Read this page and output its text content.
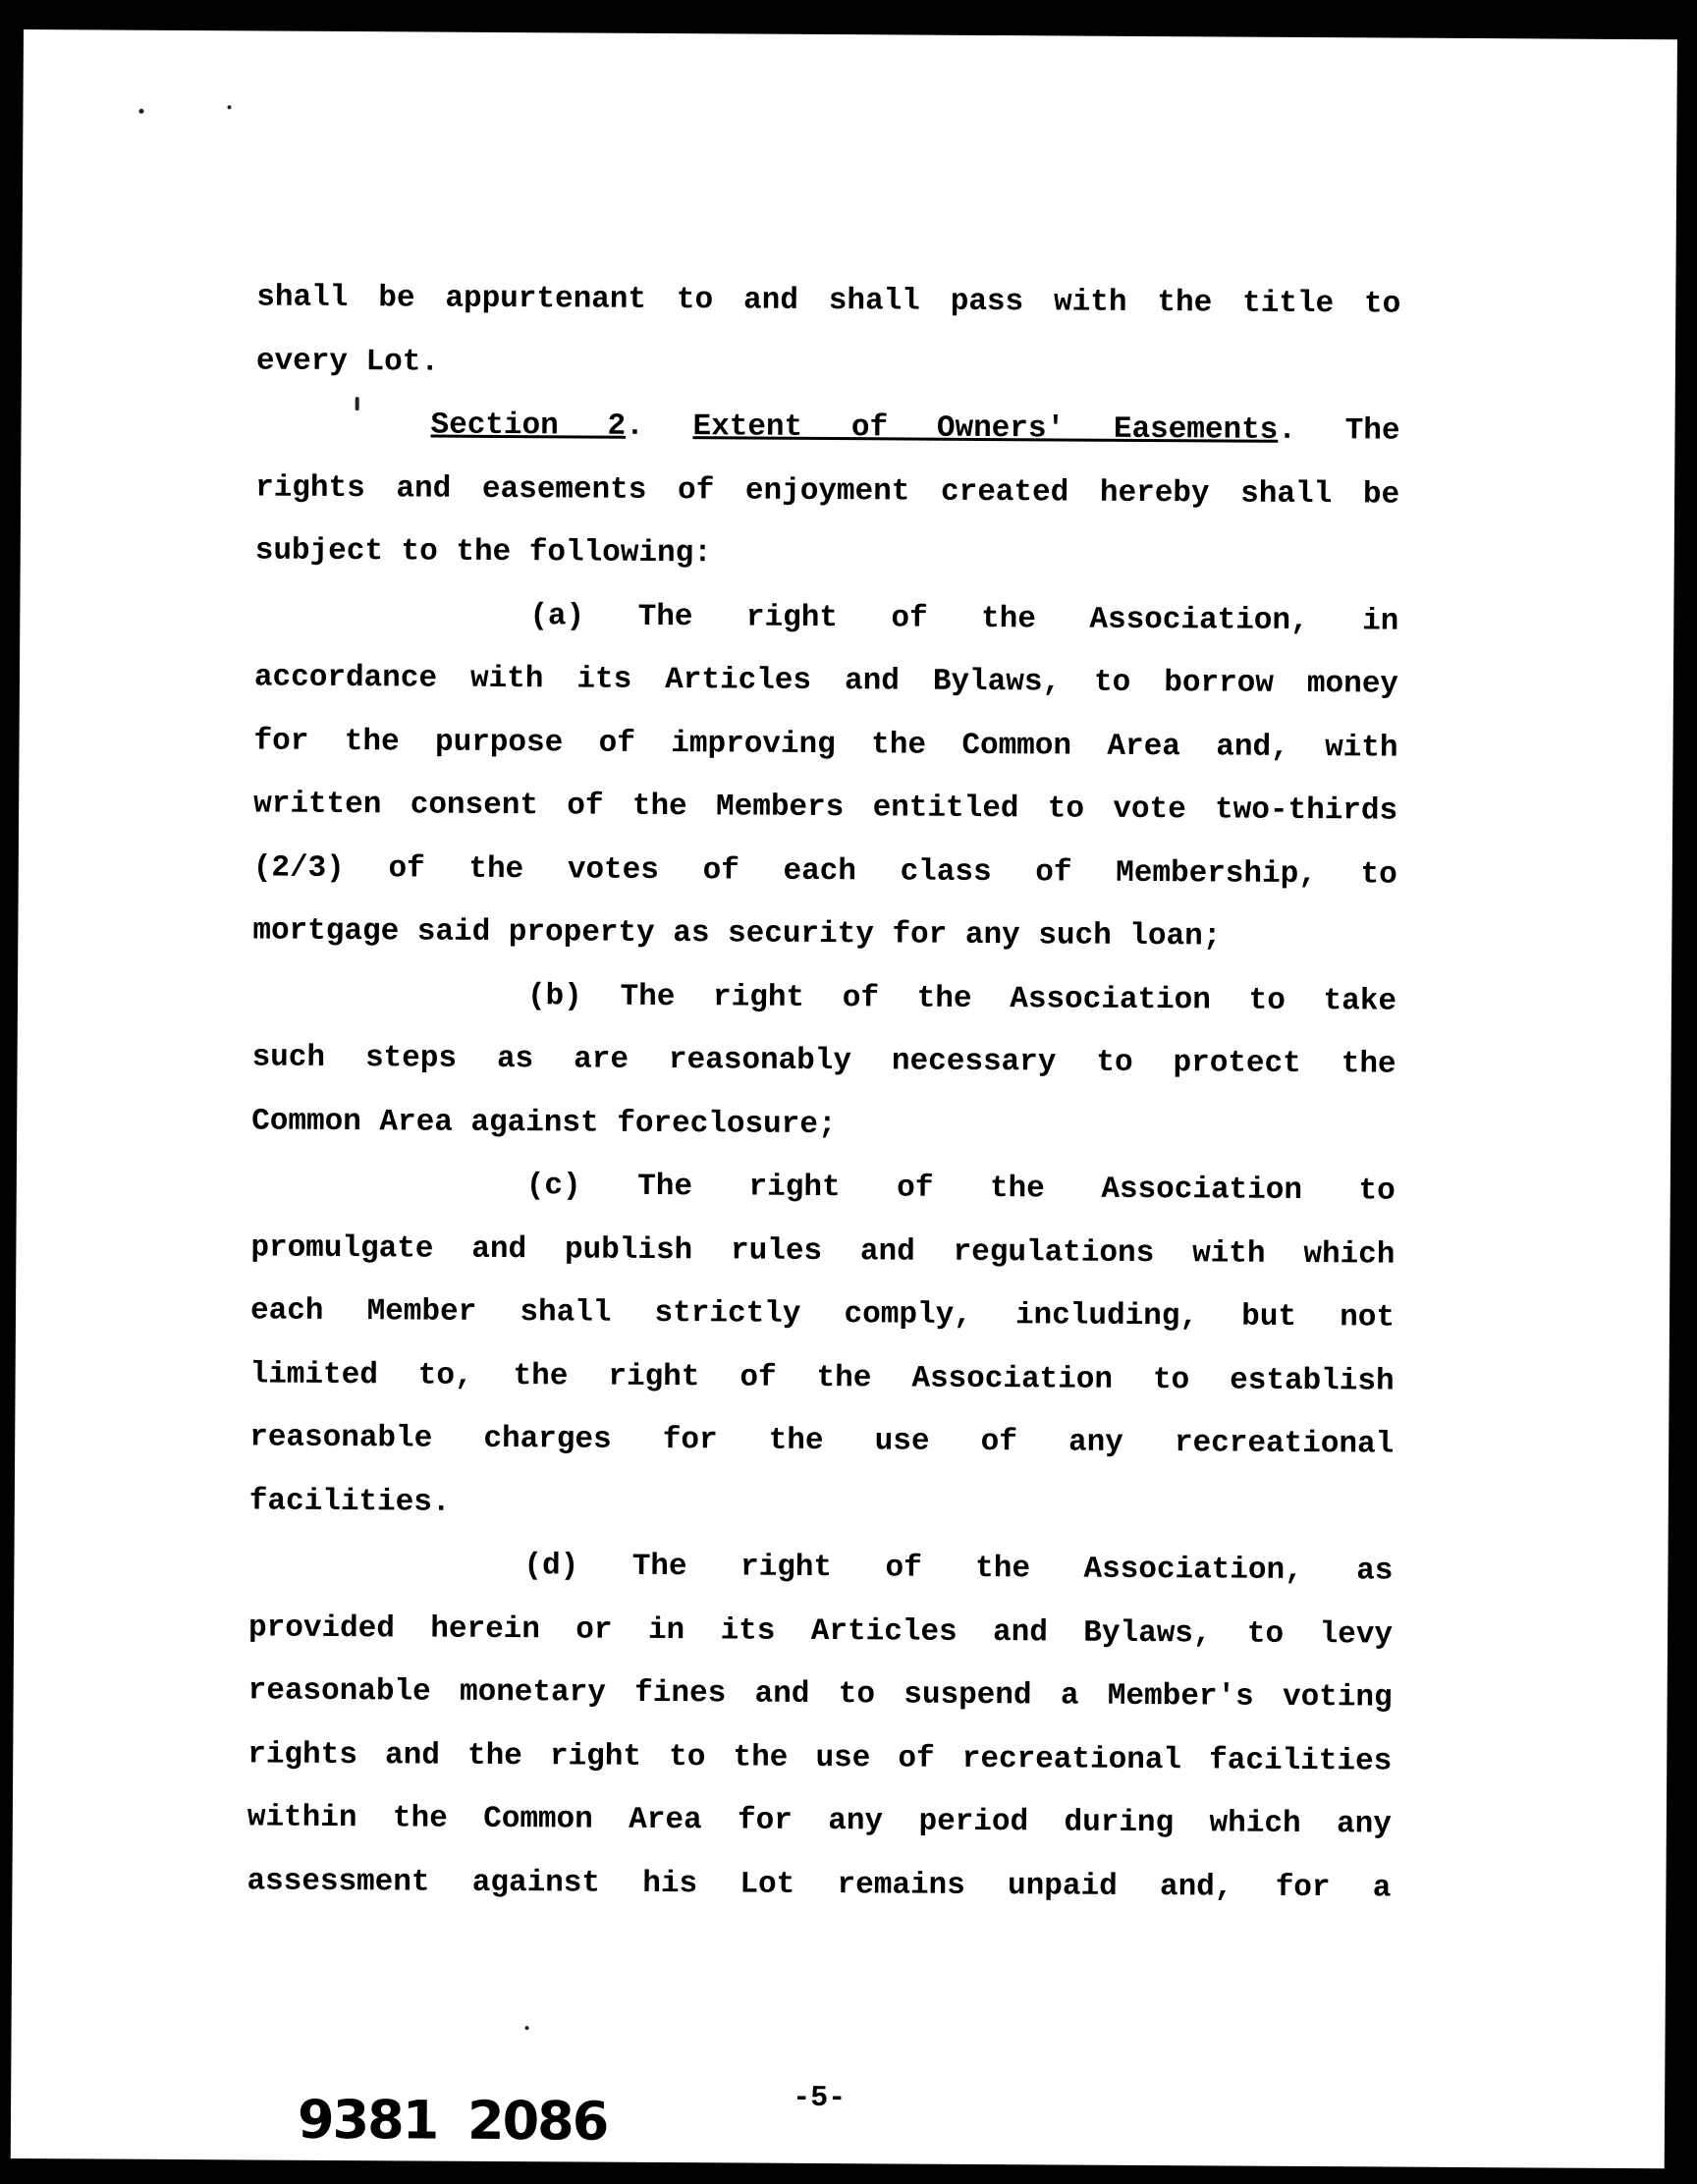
shall be appurtenant to and shall pass with the title to
every Lot.
Section 2. Extent of Owners' Easements. The
rights and easements of enjoyment created hereby shall be
subject to the following:
(a) The right of the Association, in
accordance with its Articles and Bylaws, to borrow money
for the purpose of improving the Common Area and, with
written consent of the Members entitled to vote two-thirds
(2/3) of the votes of each class of Membership, to
mortgage said property as security for any such loan;
(b) The right of the Association to take
such steps as are reasonably necessary to protect the
Common Area against foreclosure;
(c) The right of the Association to
promulgate and publish rules and regulations with which
each Member shall strictly comply, including, but not
limited to, the right of the Association to establish
reasonable charges for the use of any recreational
facilities.
(d) The right of the Association, as
provided herein or in its Articles and Bylaws, to levy
reasonable monetary fines and to suspend a Member's voting
rights and the right to the use of recreational facilities
within the Common Area for any period during which any
assessment against his Lot remains unpaid and, for a
9381 2086	-5-
